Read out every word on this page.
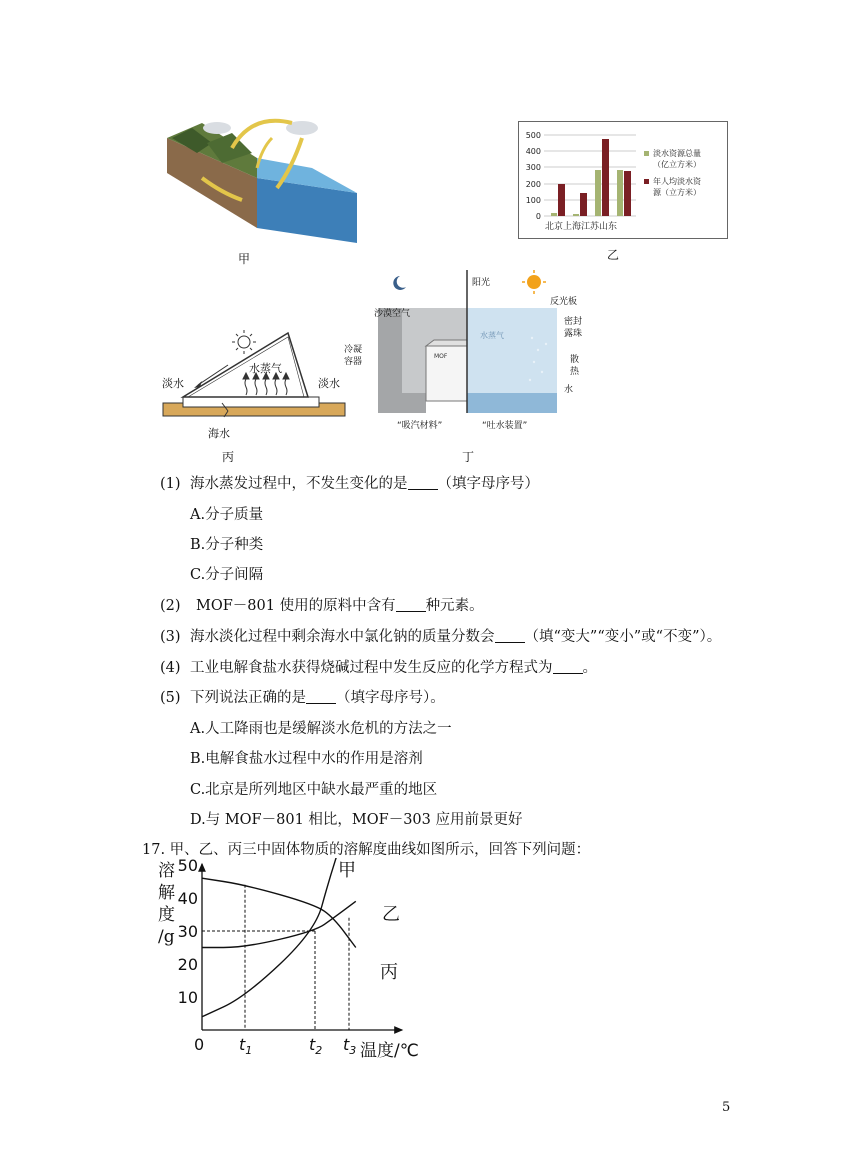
甲
500
400
300
200
100
0
北京上海江苏山东
淡水资源总量
（亿立方米）
年人均淡水资
源（立方米）
乙
淡水	淡水
水蒸气
海水
丙
阳光
沙漠空气
反光板
密封
露珠
冷凝
容器	散
热
水
“吸汽材料”	“吐水装置”
水蒸气
MOF
丁
(1) 海水蒸发过程中，不发生变化的是 （填字母序号）
A.分子质量
B.分子种类
C.分子间隔
(2) MOF－801 使用的原料中含有 种元素。
(3) 海水淡化过程中剩余海水中氯化钠的质量分数会 （填“变大”“变小”或“不变”）。
(4) 工业电解食盐水获得烧碱过程中发生反应的化学方程式为 。
(5) 下列说法正确的是 （填字母序号）。
A.人工降雨也是缓解淡水危机的方法之一
B.电解食盐水过程中水的作用是溶剂
C.北京是所列地区中缺水最严重的地区
D.与 MOF－801 相比，MOF－303 应用前景更好
17. 甲、乙、丙三中固体物质的溶解度曲线如图所示，回答下列问题：
10
20
30
40
50
0 $t_1$	$t_2$ $t_3$
甲
乙
丙
溶
解
度
/g
温度/℃
5
